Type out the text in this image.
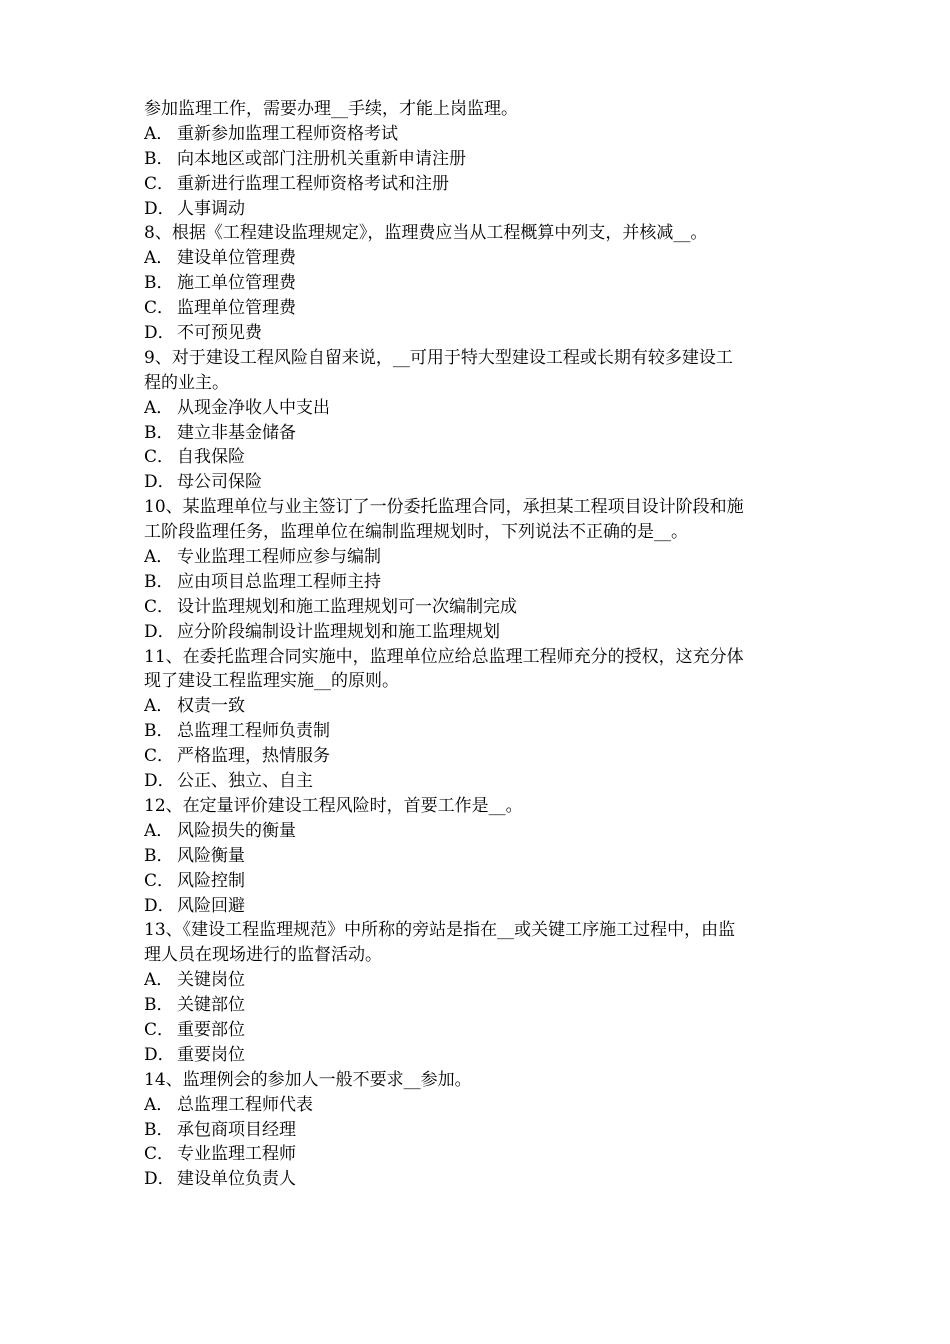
参加监理工作，需要办理__手续，才能上岗监理。
A． 重新参加监理工程师资格考试
B． 向本地区或部门注册机关重新申请注册
C． 重新进行监理工程师资格考试和注册
D． 人事调动
8、根据《工程建设监理规定》，监理费应当从工程概算中列支，并核减__。
A． 建设单位管理费
B． 施工单位管理费
C． 监理单位管理费
D． 不可预见费
9、对于建设工程风险自留来说，__可用于特大型建设工程或长期有较多建设工
程的业主。
A． 从现金净收人中支出
B． 建立非基金储备
C． 自我保险
D． 母公司保险
10、某监理单位与业主签订了一份委托监理合同，承担某工程项目设计阶段和施
工阶段监理任务，监理单位在编制监理规划时，下列说法不正确的是__。
A． 专业监理工程师应参与编制
B． 应由项目总监理工程师主持
C． 设计监理规划和施工监理规划可一次编制完成
D． 应分阶段编制设计监理规划和施工监理规划
11、在委托监理合同实施中，监理单位应给总监理工程师充分的授权，这充分体
现了建设工程监理实施__的原则。
A． 权责一致
B． 总监理工程师负责制
C． 严格监理，热情服务
D． 公正、独立、自主
12、在定量评价建设工程风险时，首要工作是__。
A． 风险损失的衡量
B． 风险衡量
C． 风险控制
D． 风险回避
13、《建设工程监理规范》中所称的旁站是指在__或关键工序施工过程中，由监
理人员在现场进行的监督活动。
A． 关键岗位
B． 关键部位
C． 重要部位
D． 重要岗位
14、监理例会的参加人一般不要求__参加。
A． 总监理工程师代表
B． 承包商项目经理
C． 专业监理工程师
D． 建设单位负责人
